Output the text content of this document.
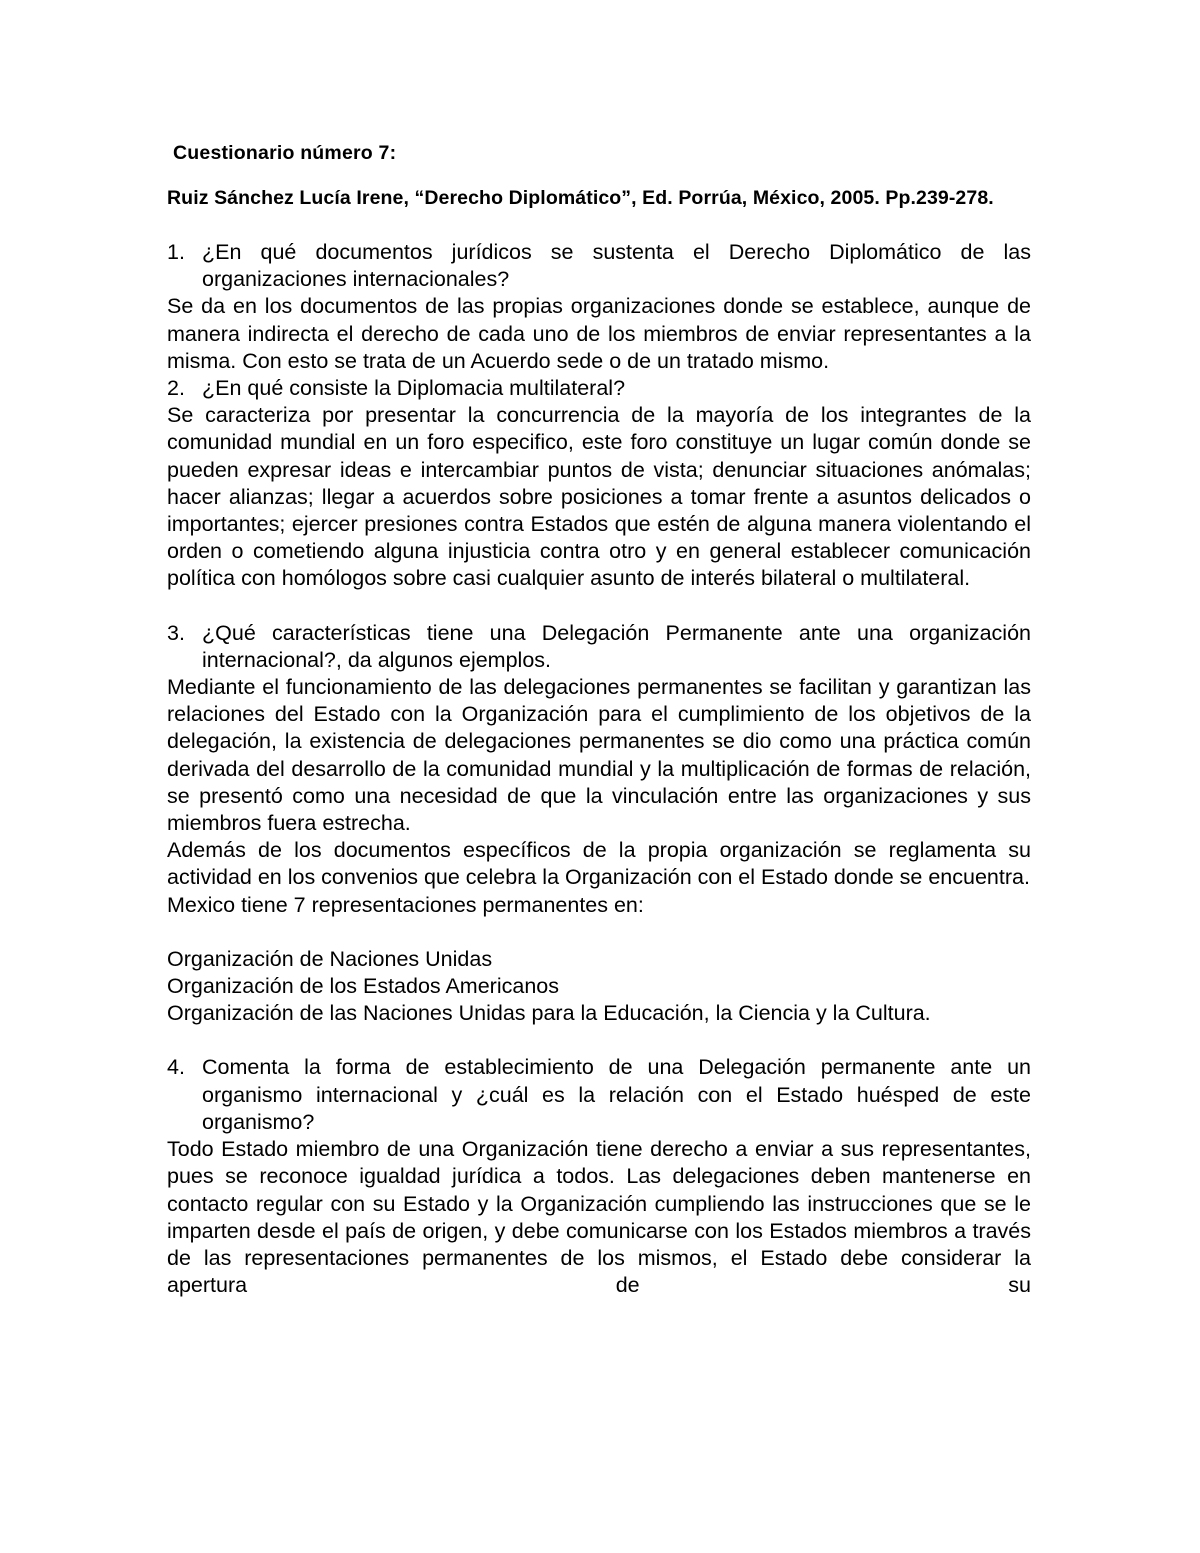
Cuestionario número 7:

Ruiz Sánchez Lucía Irene, “Derecho Diplomático”, Ed. Porrúa, México, 2005. Pp.239-278.

1. ¿En qué documentos jurídicos se sustenta el Derecho Diplomático de las organizaciones internacionales?

Se da en los documentos de las propias organizaciones donde se establece, aunque de manera indirecta el derecho de cada uno de los miembros de enviar representantes a la misma. Con esto se trata de un Acuerdo sede o de un tratado mismo.

2. ¿En qué consiste la Diplomacia multilateral?

Se caracteriza por presentar la concurrencia de la mayoría de los integrantes de la comunidad mundial en un foro especifico, este foro constituye un lugar común donde se pueden expresar ideas e intercambiar puntos de vista; denunciar situaciones anómalas; hacer alianzas; llegar a acuerdos sobre posiciones a tomar frente a asuntos delicados o importantes; ejercer presiones contra Estados que estén de alguna manera violentando el orden o cometiendo alguna injusticia contra otro y en general establecer comunicación política con homólogos sobre casi cualquier asunto de interés bilateral o multilateral.

3. ¿Qué características tiene una Delegación Permanente ante una organización internacional?, da algunos ejemplos.

Mediante el funcionamiento de las delegaciones permanentes se facilitan y garantizan las relaciones del Estado con la Organización para el cumplimiento de los objetivos de la delegación, la existencia de delegaciones permanentes se dio como una práctica común derivada del desarrollo de la comunidad mundial y la multiplicación de formas de relación, se presentó como una necesidad de que la vinculación entre las organizaciones y sus miembros fuera estrecha.

Además de los documentos específicos de la propia organización se reglamenta su actividad en los convenios que celebra la Organización con el Estado donde se encuentra.

Mexico tiene 7 representaciones permanentes en:

Organización de Naciones Unidas

Organización de los Estados Americanos

Organización de las Naciones Unidas para la Educación, la Ciencia y la Cultura.

4. Comenta la forma de establecimiento de una Delegación permanente ante un organismo internacional y ¿cuál es la relación con el Estado huésped de este organismo?

Todo Estado miembro de una Organización tiene derecho a enviar a sus representantes, pues se reconoce igualdad jurídica a todos. Las delegaciones deben mantenerse en contacto regular con su Estado y la Organización cumpliendo las instrucciones que se le imparten desde el país de origen, y debe comunicarse con los Estados miembros a través de las representaciones permanentes de los mismos, el Estado debe considerar la apertura de su
